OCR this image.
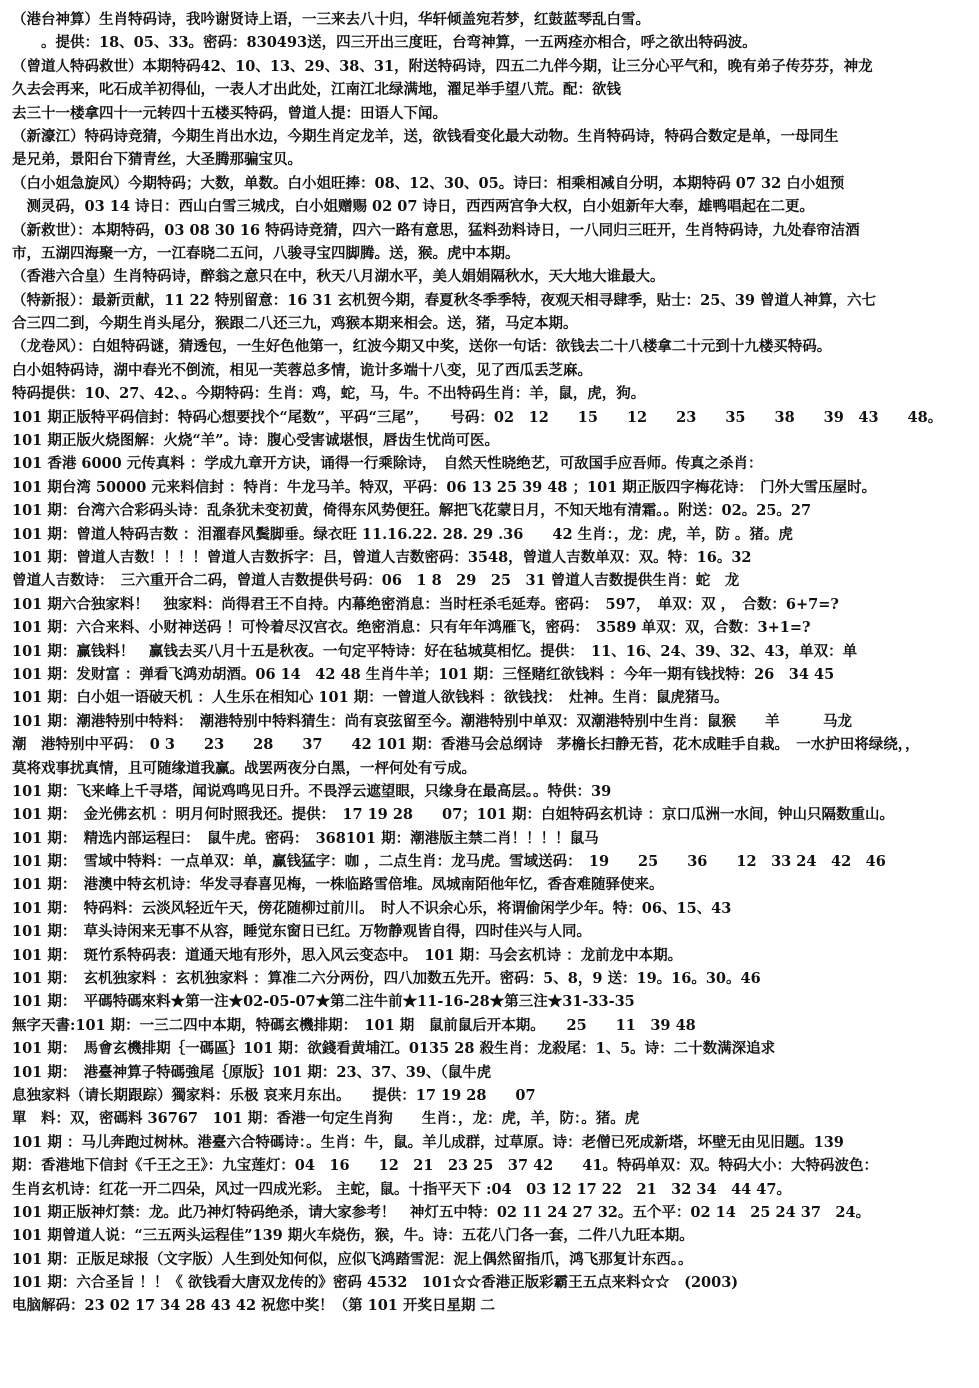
（港台神算）生肖特码诗，我吟谢贤诗上语，一三来去八十归，华轩倾盖宛若梦，红鼓蓝琴乱白雪。
　　。提供：18、05、33。密码：830493送，四三开出三度旺，台弯神算，一五两痊亦相合，呼之欲出特码波。
（曾道人特码救世）本期特码42、10、13、29、38、31，附送特码诗，四五二九伴今期，让三分心平气和，晚有弟子传芬芬，神龙
久去会再来，叱石成羊初得仙，一表人才出此处，江南江北绿满地，濯足举手望八荒。配：欲钱
去三十一楼拿四十一元转四十五楼买特码，曾道人提：田语人下闻。
（新濠江）特码诗竞猜，今期生肖出水边，今期生肖定龙羊，送，欲钱看变化最大动物。生肖特码诗，特码合数定是单，一母同生
是兄弟，景阳台下猜青丝，大圣腾那骗宝贝。
（白小姐急旋风）今期特码；大数，单数。白小姐旺捧：08、12、30、05。诗曰：相乘相减自分明，本期特码 07 32 白小姐预
　测灵码，03 14 诗日：西山白雪三城戌，白小姐赠赐 02 07 诗日，西西两宫争大权，白小姐新年大奉，雄鸭唱起在二更。
（新救世）：本期特码，03 08 30 16 特码诗竞猜，四六一路有意思，猛料劲料诗日，一八同归三旺开，生肖特码诗，九处春帘洁酒
市，五湖四海聚一方，一江春晓二五问，八骏寻宝四脚腾。送，猴。虎中本期。
（香港六合皇）生肖特码诗，醉翁之意只在中，秋天八月湖水平，美人娟娟隔秋水，天大地大谁最大。
（特新报）：最新贡献，11 22 特别留意：16 31 玄机贺今期，春夏秋冬季季特，夜观天相寻肆季，贴士：25、39 曾道人神算，六七
合三四二到，今期生肖头尾分，猴跟二八还三九，鸡猴本期来相会。送，猪，马定本期。
（龙卷风）：白姐特码谜，猜透包，一生好色他第一，红波今期又中奖，送你一句话：欲钱去二十八楼拿二十元到十九楼买特码。
白小姐特码诗，湖中春光不倒流，相见一芙蓉总多情，诡计多端十八变，见了西瓜丢芝麻。
特码提供：10、27、42、。今期特码：生肖：鸡，蛇，马，牛。不出特码生肖：羊，鼠，虎，狗。
101 期正版特平码信封：特码心想要找个“尾数”，平码“三尾”，　　号码：02　12　　15　　12　　23　　35　　38　　39　43　　48。
101 期正版火烧图解：火烧“羊”。诗：腹心受害诚堪恨，唇齿生忧尚可医。
101 香港 6000 元传真料 ：学成九章开方诀，诵得一行乘除诗，　自然天性晓绝艺，可敌国手应吾师。传真之杀肖：
101 期台湾 50000 元来料信封 ：特肖：牛龙马羊。特双，平码：06 13 25 39 48 ；101 期正版四字梅花诗：　门外大雪压屋时。
101 期：台湾六合彩码头诗：乱条犹未变初黄，倚得东风势便狂。解把飞花蒙日月，不知天地有清霜。。附送：02。25。27
101 期：曾道人特码吉数 ：泪濯春风鬓脚垂。绿衣旺 11.16.22. 28. 29 .36　　42 生肖：，龙：虎，羊，防 。猪。虎
101 期：曾道人吉数！！！！曾道人吉数拆字：吕，曾道人吉数密码：3548，曾道人吉数单双：双。特：16。32
曾道人吉数诗：　三六重开合二码，曾道人吉数提供号码：06　1 8　29　25　31 曾道人吉数提供生肖：蛇　龙
101 期六合独家料！　独家料：尚得君王不自持。内幕绝密消息：当时枉杀毛延寿。密码：　597，　单双：双 ，　合数：6+7=?
101 期：六合来料、小财神送码 ！可怜着尽汉宫衣。绝密消息：只有年年鸿雁飞，密码：　3589 单双：双，合数：3+1=?
101 期：赢钱料！　赢钱去买八月十五是秋夜。一句定平特诗：好在毡城莫相忆。提供：　11、16、24、39、32、43，单双：单
101 期：发财富 ：弹看飞鸿劝胡酒。06 14　42 48 生肖牛羊；101 期：三怪赌红欲钱料 ：今年一期有钱找特：26　34 45
101 期：白小姐一语破天机 ：人生乐在相知心 101 期：一曾道人欲钱料 ：欲钱找：　灶神。生肖：鼠虎猪马。
101 期：潮港特别中特料：　潮港特别中特料猜生：尚有哀弦留至今。潮港特别中单双：双潮港特别中生肖：鼠猴　　羊　　　马龙
潮　港特别中平码：　0 3　　23　　28　　37　　42 101 期：香港马会总纲诗　茅檐长扫静无苔，花木成畦手自栽。　一水护田将绿绕，，
莫将戏事扰真情，且可随缘道我赢。战罢两夜分白黑，一枰何处有亏成。
101 期：飞来峰上千寻塔，闻说鸡鸣见日升。不畏浮云遮望眼，只缘身在最高层。。特供：39
101 期：　金光佛玄机 ：明月何时照我还。提供：　17 19 28　　07；101 期：白姐特码玄机诗 ：京口瓜洲一水间，钟山只隔数重山。
101 期：　精选内部运程曰：　鼠牛虎。密码：　368101 期：潮港版主禁二肖！！！！鼠马
101 期：　雪域中特料：一点单双：单，赢钱猛字：咖 ，二点生肖：龙马虎。雪域送码：　19　　25　　36　　12　33 24　42　46
101 期：　港澳中特玄机诗：华发寻春喜见梅，一株临路雪倍堆。凤城南陌他年忆，香杳难随驿使来。
101 期：　特码料：云淡风轻近午天，傍花随柳过前川。　时人不识余心乐，将谓偷闲学少年。特：06、15、43
101 期：　草头诗闲来无事不从容，睡觉东窗日已红。万物静观皆自得，四时佳兴与人同。
101 期：　斑竹系特码表：道通天地有形外，思入风云变态中。　101 期：马会玄机诗 ：龙前龙中本期。
101 期：　玄机独家料 ：玄机独家料 ：算准二六分两份，四八加数五先开。密码：5、8，9 送：19。16。30。46
101 期：　平碼特碼來料★第一注★02-05-07★第二注牛前★11-16-28★第三注★31-33-35
無字天書:101 期：一三二四中本期，特碼玄機排期：　101 期　鼠前鼠后开本期。　　25　　11　39 48
101 期：　馬會玄機排期｛一碼區｝101 期：欲錢看黄埔江。0135 28 殺生肖：龙殺尾：1、5。诗：二十数满深追求
101 期：　港臺神算子特碼強尾｛原版｝101 期：23、37、39、（鼠牛虎
息独家料（请长期跟踪）獨家料：乐极 哀来月东出。　　提供：17 19 28　　07
單　料：双，密碼料 36767　101 期：香港一句定生肖狗　　生肖：，龙：虎，羊，防：。猪。虎
101 期 ：马儿奔跑过树林。港臺六合特碼诗：。生肖：牛，鼠。羊儿成群，过草原。诗：老僧已死成新塔，坏壁无由见旧题。139
期：香港地下信封《千王之王》：九宝莲灯：04　16　　12　21　23 25　37 42　　41。特码单双：双。特码大小：大特码波色：
生肖玄机诗：红花一开二四朵，风过一四成光彩。 主蛇，鼠。十指平天下 :04　03 12 17 22　21　32 34　44 47。
101 期正版神灯禁：龙。此乃神灯特码绝杀，请大家参考！　神灯五中特：02 11 24 27 32。五个平：02 14　25 24 37　24。
101 期曾道人说：“三五两头运程佳”139 期火车烧伤，猴，牛。诗：五花八门各一套，二件八九旺本期。
101 期：正版足球报（文字版）人生到处知何似，应似飞鸿踏雪泥：泥上偶然留指爪，鸿飞那复计东西。。
101 期：六合圣旨 ！！《 欲钱看大唐双龙传的》密码 4532　101☆☆香港正版彩霸王五点来料☆☆　(2003)
电脑解码：23 02 17 34 28 43 42 祝您中奖！（第 101 开奖日星期 二
